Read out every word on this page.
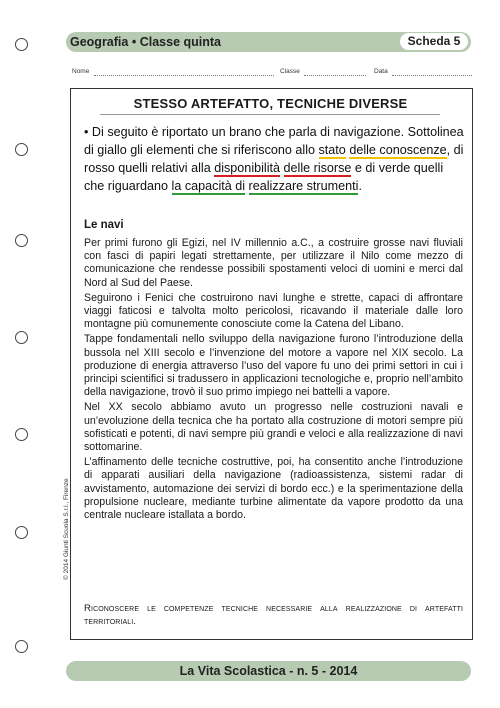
Geografia • Classe quinta	Scheda 5
Nome	Classe	Data
STESSO ARTEFATTO, TECNICHE DIVERSE
• Di seguito è riportato un brano che parla di navigazione. Sottolinea di giallo gli elementi che si riferiscono allo stato delle conoscenze, di rosso quelli relativi alla disponibilità delle risorse e di verde quelli che riguardano la capacità di realizzare strumenti.
Le navi

Per primi furono gli Egizi, nel IV millennio a.C., a costruire grosse navi fluviali con fasci di papiri legati strettamente, per utilizzare il Nilo come mezzo di comunicazione che rendesse possibili spostamenti veloci di uomini e merci dal Nord al Sud del Paese.

Seguirono i Fenici che costruirono navi lunghe e strette, capaci di affrontare viaggi faticosi e talvolta molto pericolosi, ricavando il materiale dalle loro montagne più comunemente conosciute come la Catena del Libano.

Tappe fondamentali nello sviluppo della navigazione furono l’introduzione della bussola nel XIII secolo e l’invenzione del motore a vapore nel XIX secolo. La produzione di energia attraverso l’uso del vapore fu uno dei primi settori in cui i principi scientifici si tradussero in applicazioni tecnologiche e, proprio nell’ambito della navigazione, trovò il suo primo impiego nei battelli a vapore.

Nel XX secolo abbiamo avuto un progresso nelle costruzioni navali e un’evoluzione della tecnica che ha portato alla costruzione di motori sempre più sofisticati e potenti, di navi sempre più grandi e veloci e alla realizzazione di navi sottomarine.

L’affinamento delle tecniche costruttive, poi, ha consentito anche l’introduzione di apparati ausiliari della navigazione (radioassistenza, sistemi radar di avvistamento, automazione dei servizi di bordo ecc.) e la sperimentazione della propulsione nucleare, mediante turbine alimentate da vapore prodotto da una centrale nucleare istallata a bordo.

Riconoscere le competenze tecniche necessarie alla realizzazione di artefatti territoriali.
© 2014 Giunti Scuola S.r.l., Firenze
La Vita Scolastica - n. 5 - 2014
